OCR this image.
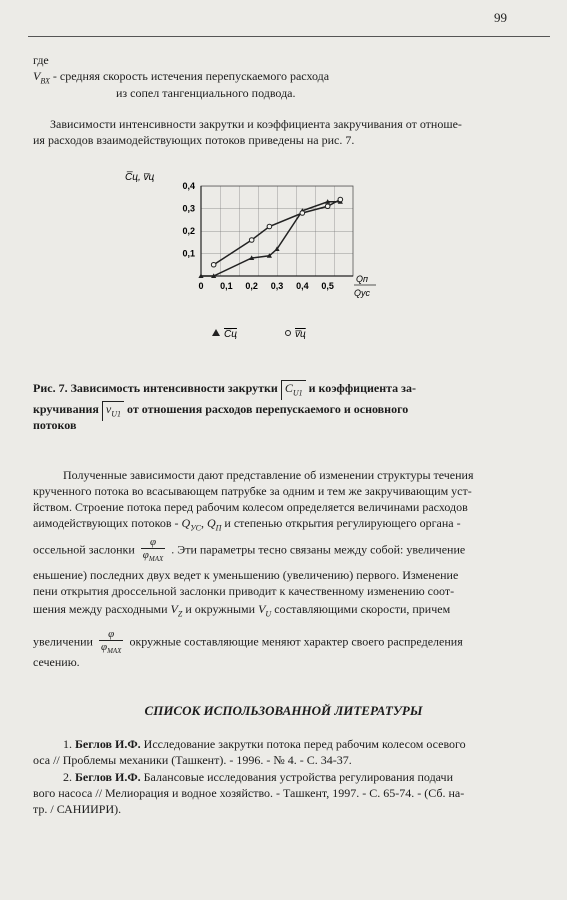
99
где
$V_{ВХ}$ - средняя скорость истечения перепускаемого расхода
из сопел тангенциального подвода.
Зависимости интенсивности закрутки и коэффициента закручивания от отноше-
ия расходов взаимодействующих потоков приведены на рис. 7.
0 0,1 0,2 0,3 0,4 0,5
0,1
0,2
0,3
0,4
C̅ц, v̅ц
Qп
Qус
C̅ц	v̅ц
Рис. 7. Зависимость интенсивности закрутки $C_{U1}$ и коэффициента за-
кручивания $v_{U1}$ от отношения расходов перепускаемого и основного
потоков
Полученные зависимости дают представление об изменении структуры течения
крученного потока во всасывающем патрубке за одним и тем же закручивающим уст-
йством. Строение потока перед рабочим колесом определяется величинами расходов
аимодействующих потоков - $Q_{УС}$, $Q_П$ и степенью открытия регулирующего органа -
оссельной заслонки $\frac{\varphi}{\varphi_{МАХ}}$ . Эти параметры тесно связаны между собой: увеличение
еньшение) последних двух ведет к уменьшению (увеличению) первого. Изменение
пени открытия дроссельной заслонки приводит к качественному изменению соот-
шения между расходными $V_Z$ и окружными $V_U$ составляющими скорости, причем
увеличении $\frac{\varphi}{\varphi_{МАХ}}$ окружные составляющие меняют характер своего распределения
сечению.
СПИСОК ИСПОЛЬЗОВАННОЙ ЛИТЕРАТУРЫ
1. Беглов И.Ф. Исследование закрутки потока перед рабочим колесом осевого
оса // Проблемы механики (Ташкент). - 1996. - № 4. - С. 34-37.
2. Беглов И.Ф. Балансовые исследования устройства регулирования подачи
вого насоса // Мелиорация и водное хозяйство. - Ташкент, 1997. - С. 65-74. - (Сб. на-
тр. / САНИИРИ).
